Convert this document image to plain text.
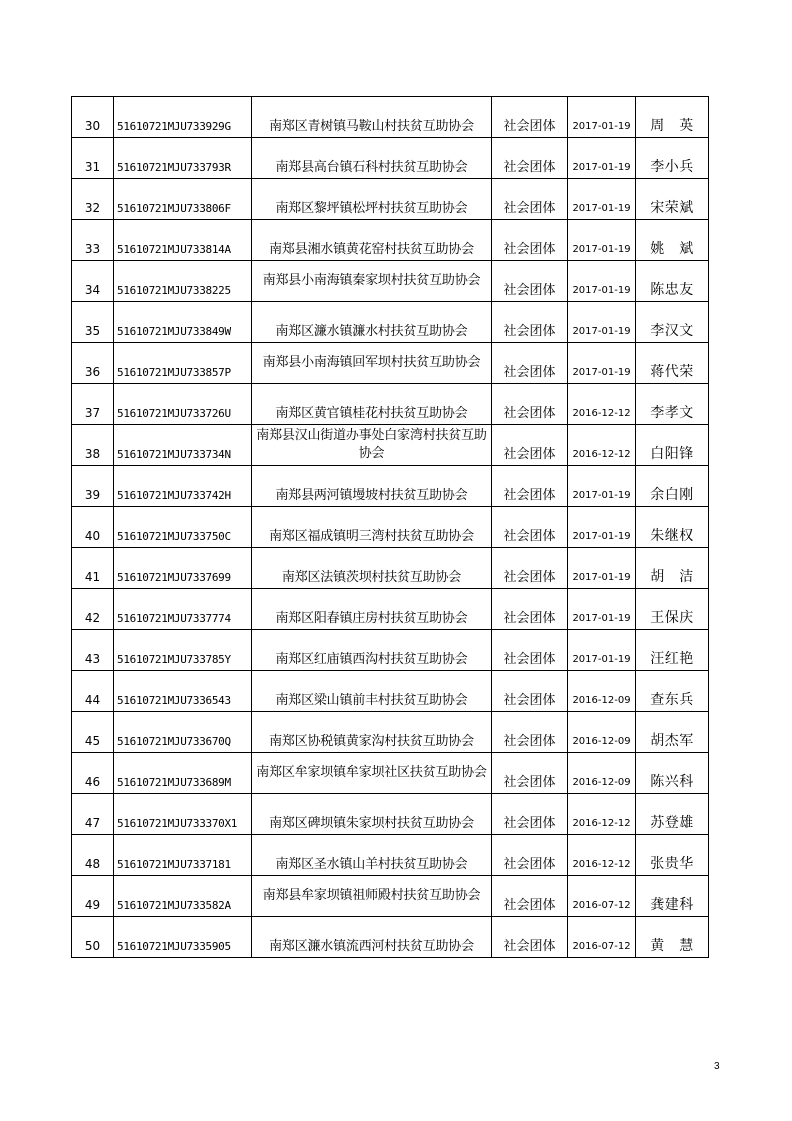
30	51610721MJU733929G	南郑区青树镇马鞍山村扶贫互助协会	社会团体	2017-01-19	周　英
31	51610721MJU733793R	南郑县高台镇石科村扶贫互助协会	社会团体	2017-01-19	李小兵
32	51610721MJU733806F	南郑区黎坪镇松坪村扶贫互助协会	社会团体	2017-01-19	宋荣斌
33	51610721MJU733814A	南郑县湘水镇黄花窑村扶贫互助协会	社会团体	2017-01-19	姚　斌
34	51610721MJU7338225	南郑县小南海镇秦家坝村扶贫互助协会	社会团体	2017-01-19	陈忠友
35	51610721MJU733849W	南郑区濂水镇濂水村扶贫互助协会	社会团体	2017-01-19	李汉文
36	51610721MJU733857P	南郑县小南海镇回军坝村扶贫互助协会	社会团体	2017-01-19	蒋代荣
37	51610721MJU733726U	南郑区黄官镇桂花村扶贫互助协会	社会团体	2016-12-12	李孝文
38	51610721MJU733734N	南郑县汉山街道办事处白家湾村扶贫互助协会	社会团体	2016-12-12	白阳锋
39	51610721MJU733742H	南郑县两河镇墁坡村扶贫互助协会	社会团体	2017-01-19	余白刚
40	51610721MJU733750C	南郑区福成镇明三湾村扶贫互助协会	社会团体	2017-01-19	朱继权
41	51610721MJU7337699	南郑区法镇茨坝村扶贫互助协会	社会团体	2017-01-19	胡　洁
42	51610721MJU7337774	南郑区阳春镇庄房村扶贫互助协会	社会团体	2017-01-19	王保庆
43	51610721MJU733785Y	南郑区红庙镇西沟村扶贫互助协会	社会团体	2017-01-19	汪红艳
44	51610721MJU7336543	南郑区梁山镇前丰村扶贫互助协会	社会团体	2016-12-09	查东兵
45	51610721MJU733670Q	南郑区协税镇黄家沟村扶贫互助协会	社会团体	2016-12-09	胡杰军
46	51610721MJU733689M	南郑区牟家坝镇牟家坝社区扶贫互助协会	社会团体	2016-12-09	陈兴科
47	51610721MJU733370X1	南郑区碑坝镇朱家坝村扶贫互助协会	社会团体	2016-12-12	苏登雄
48	51610721MJU7337181	南郑区圣水镇山羊村扶贫互助协会	社会团体	2016-12-12	张贵华
49	51610721MJU733582A	南郑县牟家坝镇祖师殿村扶贫互助协会	社会团体	2016-07-12	龚建科
50	51610721MJU7335905	南郑区濂水镇流西河村扶贫互助协会	社会团体	2016-07-12	黄　慧
3
